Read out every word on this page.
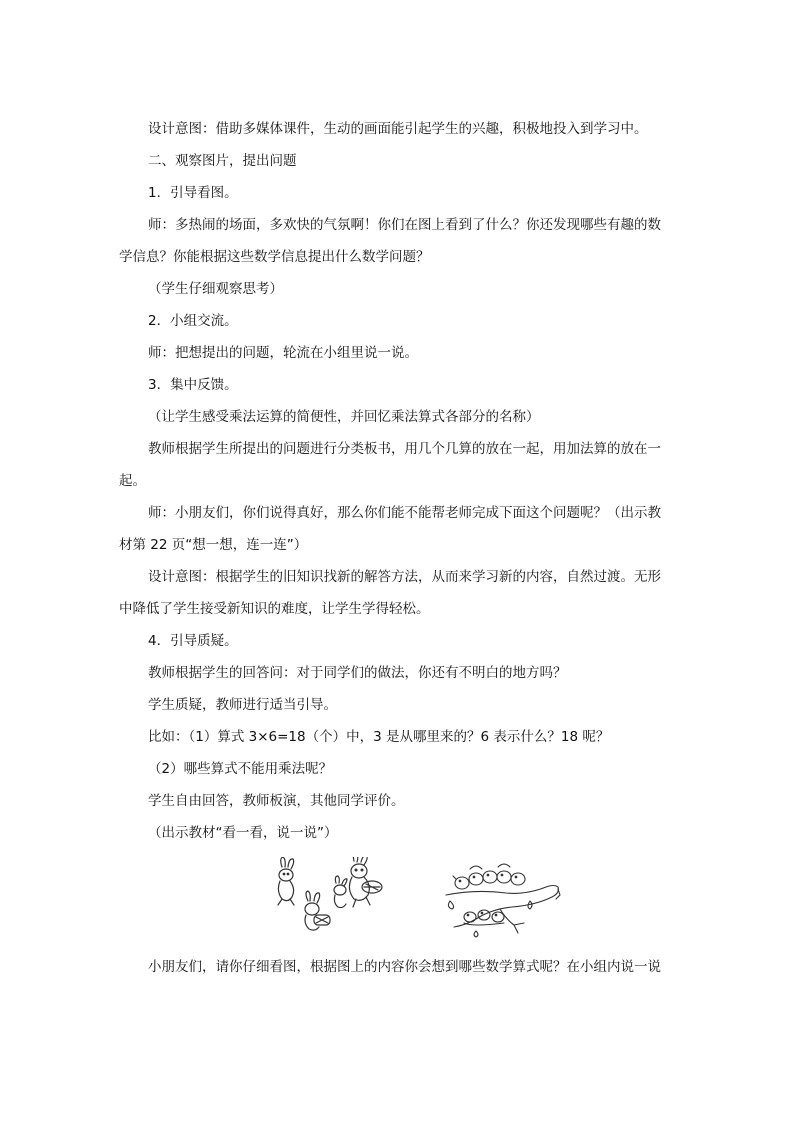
设计意图：借助多媒体课件，生动的画面能引起学生的兴趣，积极地投入到学习中。

二、观察图片，提出问题

1．引导看图。

师：多热闹的场面，多欢快的气氛啊！你们在图上看到了什么？你还发现哪些有趣的数
学信息？你能根据这些数学信息提出什么数学问题？

（学生仔细观察思考）

2．小组交流。

师：把想提出的问题，轮流在小组里说一说。

3．集中反馈。

（让学生感受乘法运算的简便性，并回忆乘法算式各部分的名称）

教师根据学生所提出的问题进行分类板书，用几个几算的放在一起，用加法算的放在一
起。
师：小朋友们，你们说得真好，那么你们能不能帮老师完成下面这个问题呢？（出示教
材第 22 页“想一想，连一连”）
设计意图：根据学生的旧知识找新的解答方法，从而来学习新的内容，自然过渡。无形
中降低了学生接受新知识的难度，让学生学得轻松。

4．引导质疑。

教师根据学生的回答问：对于同学们的做法，你还有不明白的地方吗？

学生质疑，教师进行适当引导。

比如：（1）算式 3×6=18（个）中，3 是从哪里来的？6 表示什么？18 呢？

（2）哪些算式不能用乘法呢？

学生自由回答，教师板演，其他同学评价。

（出示教材“看一看，说一说”）

小朋友们，请你仔细看图，根据图上的内容你会想到哪些数学算式呢？在小组内说一说
